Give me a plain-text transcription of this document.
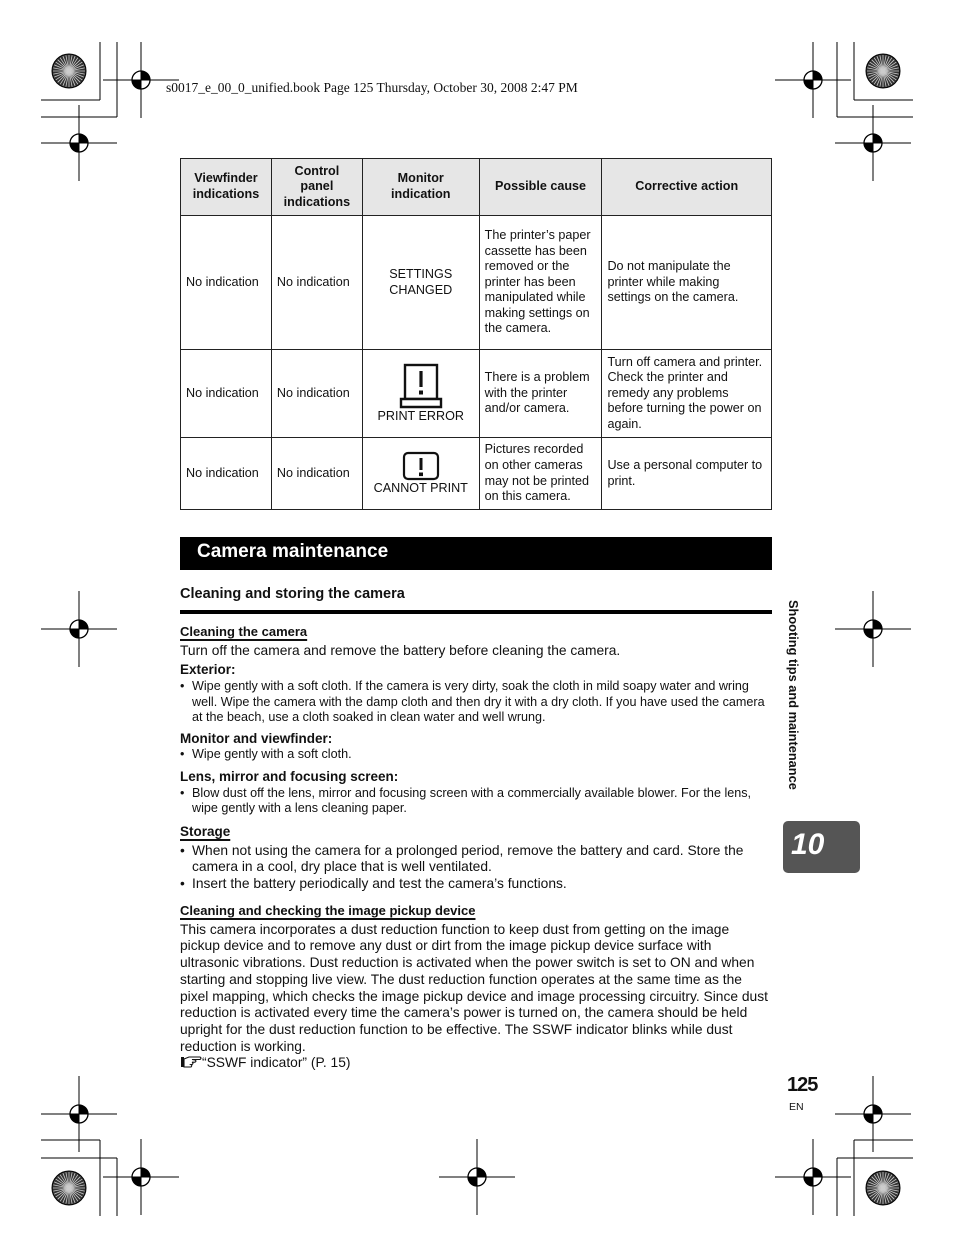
s0017_e_00_0_unified.book Page 125 Thursday, October 30, 2008 2:47 PM
Viewfinder indications	Control panel indications	Monitor indication	Possible cause	Corrective action
No indication	No indication	SETTINGS CHANGED	The printer’s paper cassette has been removed or the printer has been manipulated while making settings on the camera.	Do not manipulate the printer while making settings on the camera.
No indication	No indication	PRINT ERROR	There is a problem with the printer and/or camera.	Turn off camera and printer. Check the printer and remedy any problems before turning the power on again.
No indication	No indication	CANNOT PRINT	Pictures recorded on other cameras may not be printed on this camera.	Use a personal computer to print.
Camera maintenance
Cleaning and storing the camera
Cleaning the camera
Turn off the camera and remove the battery before cleaning the camera.
Exterior:
• Wipe gently with a soft cloth. If the camera is very dirty, soak the cloth in mild soapy water and wring well. Wipe the camera with the damp cloth and then dry it with a dry cloth. If you have used the camera at the beach, use a cloth soaked in clean water and well wrung.
Monitor and viewfinder:
• Wipe gently with a soft cloth.
Lens, mirror and focusing screen:
• Blow dust off the lens, mirror and focusing screen with a commercially available blower. For the lens, wipe gently with a lens cleaning paper.
Storage
• When not using the camera for a prolonged period, remove the battery and card. Store the camera in a cool, dry place that is well ventilated.
• Insert the battery periodically and test the camera’s functions.
Cleaning and checking the image pickup device
This camera incorporates a dust reduction function to keep dust from getting on the image pickup device and to remove any dust or dirt from the image pickup device surface with ultrasonic vibrations. Dust reduction is activated when the power switch is set to ON and when starting and stopping live view. The dust reduction function operates at the same time as the pixel mapping, which checks the image pickup device and image processing circuitry. Since dust reduction is activated every time the camera’s power is turned on, the camera should be held upright for the dust reduction function to be effective. The SSWF indicator blinks while dust reduction is working.
“SSWF indicator” (P. 15)
Shooting tips and maintenance
10
125
EN
